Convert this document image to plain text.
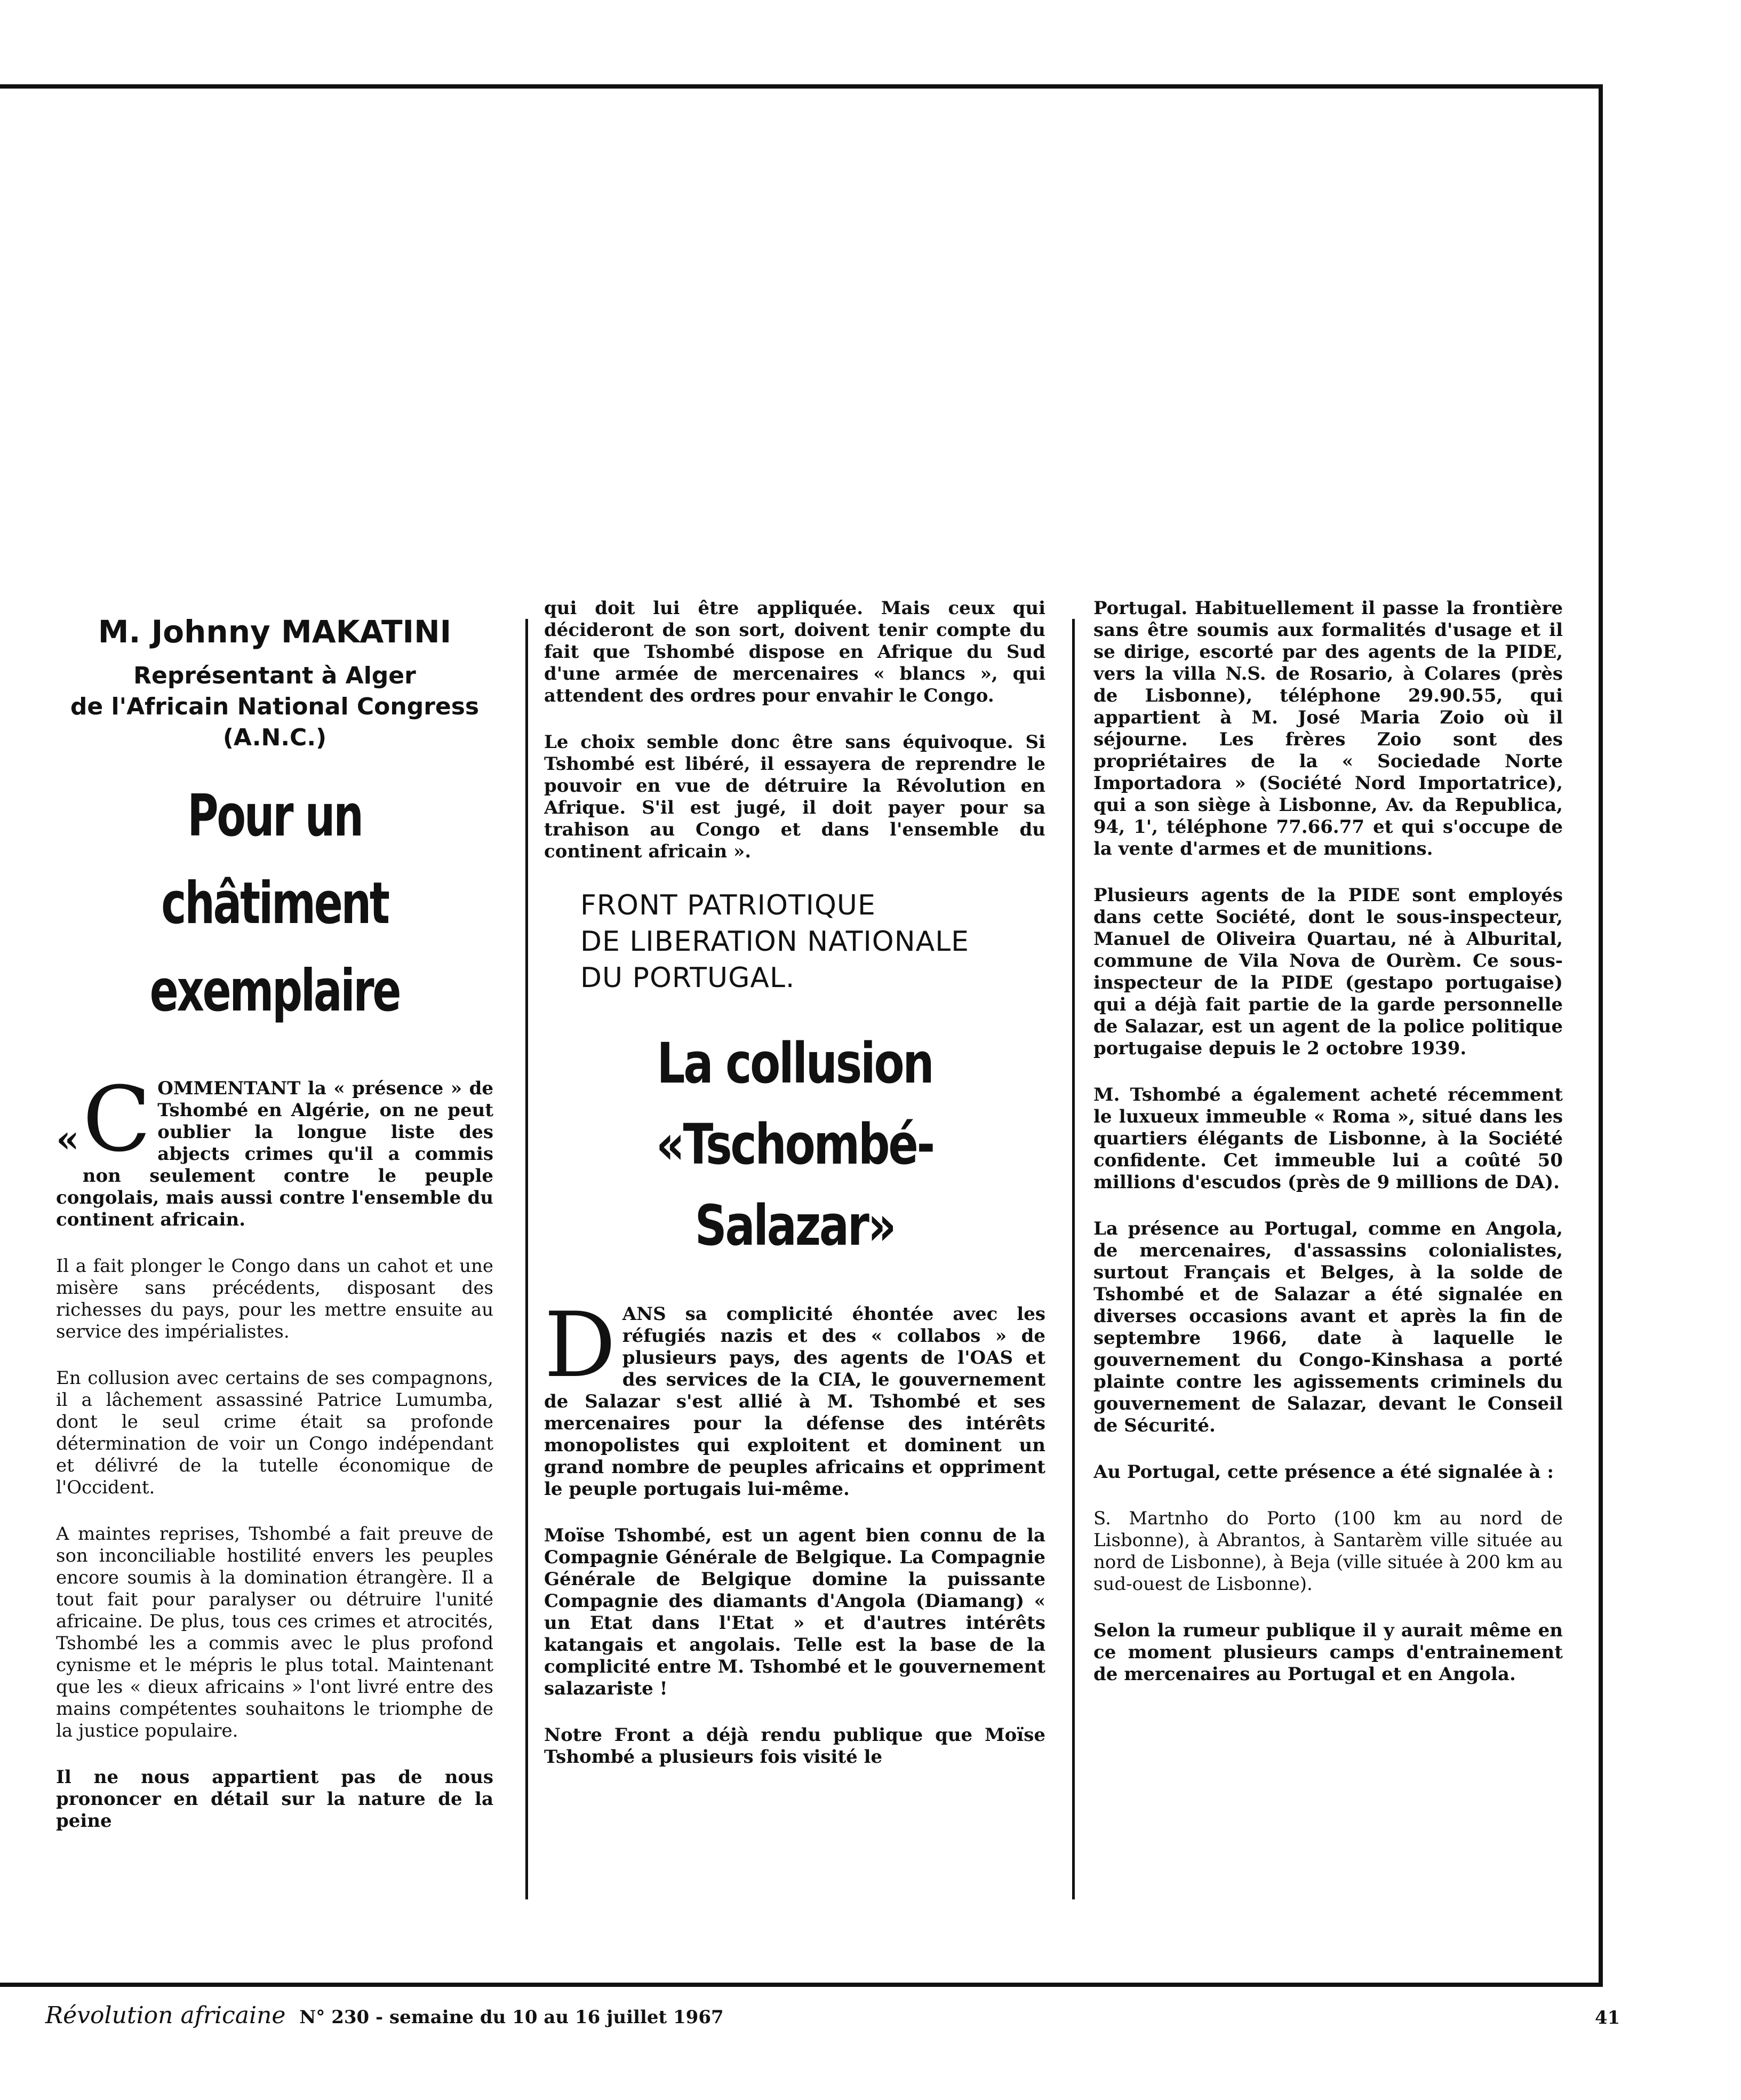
M. Johnny MAKATINI
Représentant à Alger
de l'Africain National Congress
(A.N.C.)
Pour un
châtiment
exemplaire

« C OMMENTANT la « présence » de Tshombé en Algérie, on ne peut oublier la longue liste des abjects crimes qu'il a commis non seulement contre le peuple congolais, mais aussi contre l'ensemble du continent africain.

Il a fait plonger le Congo dans un cahot et une misère sans précédents, disposant des richesses du pays, pour les mettre ensuite au service des impérialistes.

En collusion avec certains de ses compagnons, il a lâchement assassiné Patrice Lumumba, dont le seul crime était sa profonde détermination de voir un Congo indépendant et délivré de la tutelle économique de l'Occident.

A maintes reprises, Tshombé a fait preuve de son inconciliable hostilité envers les peuples encore soumis à la domination étrangère. Il a tout fait pour paralyser ou détruire l'unité africaine. De plus, tous ces crimes et atrocités, Tshombé les a commis avec le plus profond cynisme et le mépris le plus total. Maintenant que les « dieux africains » l'ont livré entre des mains compétentes souhaitons le triomphe de la justice populaire.

Il ne nous appartient pas de nous prononcer en détail sur la nature de la peine

qui doit lui être appliquée. Mais ceux qui décideront de son sort, doivent tenir compte du fait que Tshombé dispose en Afrique du Sud d'une armée de mercenaires « blancs », qui attendent des ordres pour envahir le Congo.

Le choix semble donc être sans équivoque. Si Tshombé est libéré, il essayera de reprendre le pouvoir en vue de détruire la Révolution en Afrique. S'il est jugé, il doit payer pour sa trahison au Congo et dans l'ensemble du continent africain ».

FRONT PATRIOTIQUE
DE LIBERATION NATIONALE
DU PORTUGAL.
La collusion
«Tschombé-Salazar»

D ANS sa complicité éhontée avec les réfugiés nazis et des « collabos » de plusieurs pays, des agents de l'OAS et des services de la CIA, le gouvernement de Salazar s'est allié à M. Tshombé et ses mercenaires pour la défense des intérêts monopolistes qui exploitent et dominent un grand nombre de peuples africains et oppriment le peuple portugais lui-même.

Moïse Tshombé, est un agent bien connu de la Compagnie Générale de Belgique. La Compagnie Générale de Belgique domine la puissante Compagnie des diamants d'Angola (Diamang) « un Etat dans l'Etat » et d'autres intérêts katangais et angolais. Telle est la base de la complicité entre M. Tshombé et le gouvernement salazariste !

Notre Front a déjà rendu publique que Moïse Tshombé a plusieurs fois visité le

Portugal. Habituellement il passe la frontière sans être soumis aux formalités d'usage et il se dirige, escorté par des agents de la PIDE, vers la villa N.S. de Rosario, à Colares (près de Lisbonne), téléphone 29.90.55, qui appartient à M. José Maria Zoio où il séjourne. Les frères Zoio sont des propriétaires de la « Sociedade Norte Importadora » (Société Nord Importatrice), qui a son siège à Lisbonne, Av. da Republica, 94, 1', téléphone 77.66.77 et qui s'occupe de la vente d'armes et de munitions.

Plusieurs agents de la PIDE sont employés dans cette Société, dont le sous-inspecteur, Manuel de Oliveira Quartau, né à Alburital, commune de Vila Nova de Ourèm. Ce sous-inspecteur de la PIDE (gestapo portugaise) qui a déjà fait partie de la garde personnelle de Salazar, est un agent de la police politique portugaise depuis le 2 octobre 1939.

M. Tshombé a également acheté récemment le luxueux immeuble « Roma », situé dans les quartiers élégants de Lisbonne, à la Société confidente. Cet immeuble lui a coûté 50 millions d'escudos (près de 9 millions de DA).

La présence au Portugal, comme en Angola, de mercenaires, d'assassins colonialistes, surtout Français et Belges, à la solde de Tshombé et de Salazar a été signalée en diverses occasions avant et après la fin de septembre 1966, date à laquelle le gouvernement du Congo-Kinshasa a porté plainte contre les agissements criminels du gouvernement de Salazar, devant le Conseil de Sécurité.

Au Portugal, cette présence a été signalée à :

S. Martnho do Porto (100 km au nord de Lisbonne), à Abrantos, à Santarèm ville située au nord de Lisbonne), à Beja (ville située à 200 km au sud-ouest de Lisbonne).

Selon la rumeur publique il y aurait même en ce moment plusieurs camps d'entrainement de mercenaires au Portugal et en Angola.

Révolution africaine N° 230 - semaine du 10 au 16 juillet 1967	41
